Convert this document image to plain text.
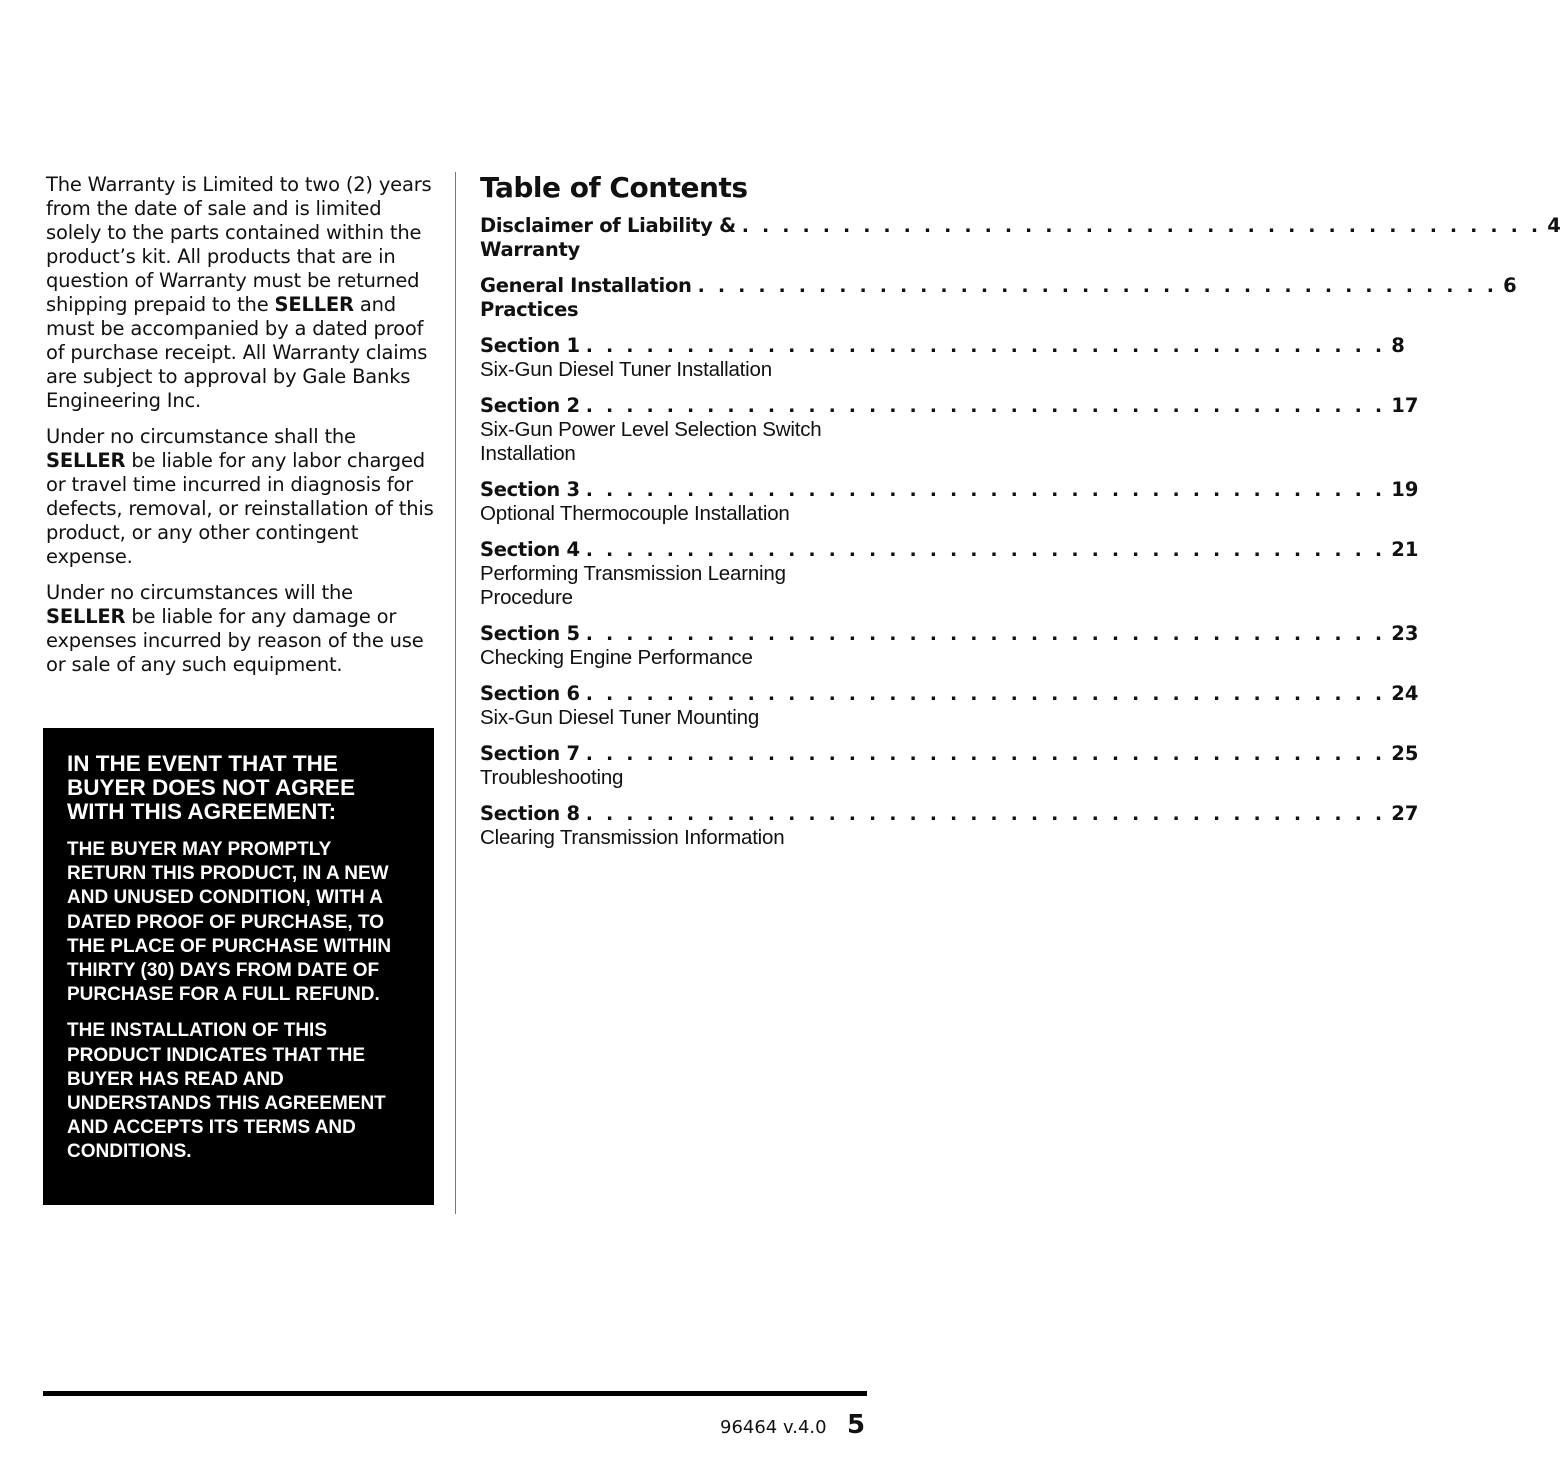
The Warranty is Limited to two (2) years from the date of sale and is limited solely to the parts contained within the product’s kit. All products that are in question of Warranty must be returned shipping prepaid to the SELLER and must be accompanied by a dated proof of purchase receipt. All Warranty claims are subject to approval by Gale Banks Engineering Inc.

Under no circumstance shall the SELLER be liable for any labor charged or travel time incurred in diagnosis for defects, removal, or reinstallation of this product, or any other contingent expense.

Under no circumstances will the SELLER be liable for any damage or expenses incurred by reason of the use or sale of any such equipment.

IN THE EVENT THAT THE BUYER DOES NOT AGREE WITH THIS AGREEMENT:

THE BUYER MAY PROMPTLY RETURN THIS PRODUCT, IN A NEW AND UNUSED CONDITION, WITH A DATED PROOF OF PURCHASE, TO THE PLACE OF PURCHASE WITHIN THIRTY (30) DAYS FROM DATE OF PURCHASE FOR A FULL REFUND.

THE INSTALLATION OF THIS PRODUCT INDICATES THAT THE BUYER HAS READ AND UNDERSTANDS THIS AGREEMENT AND ACCEPTS ITS TERMS AND CONDITIONS.

Table of Contents
Disclaimer of Liability & . . . . . . . . . . . . . . . . . . . . . . . . . . . . . . . . . . . . . . . . 4
Warranty
General Installation . . . . . . . . . . . . . . . . . . . . . . . . . . . . . . . . . . . . . . . . 6
Practices
Section 1 . . . . . . . . . . . . . . . . . . . . . . . . . . . . . . . . . . . . . . . . 8
Six-Gun Diesel Tuner Installation
Section 2 . . . . . . . . . . . . . . . . . . . . . . . . . . . . . . . . . . . . . . . . 17
Six-Gun Power Level Selection Switch Installation
Section 3 . . . . . . . . . . . . . . . . . . . . . . . . . . . . . . . . . . . . . . . . 19
Optional Thermocouple Installation
Section 4 . . . . . . . . . . . . . . . . . . . . . . . . . . . . . . . . . . . . . . . . 21
Performing Transmission Learning Procedure
Section 5 . . . . . . . . . . . . . . . . . . . . . . . . . . . . . . . . . . . . . . . . 23
Checking Engine Performance
Section 6 . . . . . . . . . . . . . . . . . . . . . . . . . . . . . . . . . . . . . . . . 24
Six-Gun Diesel Tuner Mounting
Section 7 . . . . . . . . . . . . . . . . . . . . . . . . . . . . . . . . . . . . . . . . 25
Troubleshooting
Section 8 . . . . . . . . . . . . . . . . . . . . . . . . . . . . . . . . . . . . . . . . 27
Clearing Transmission Information
96464 v.4.0 5
